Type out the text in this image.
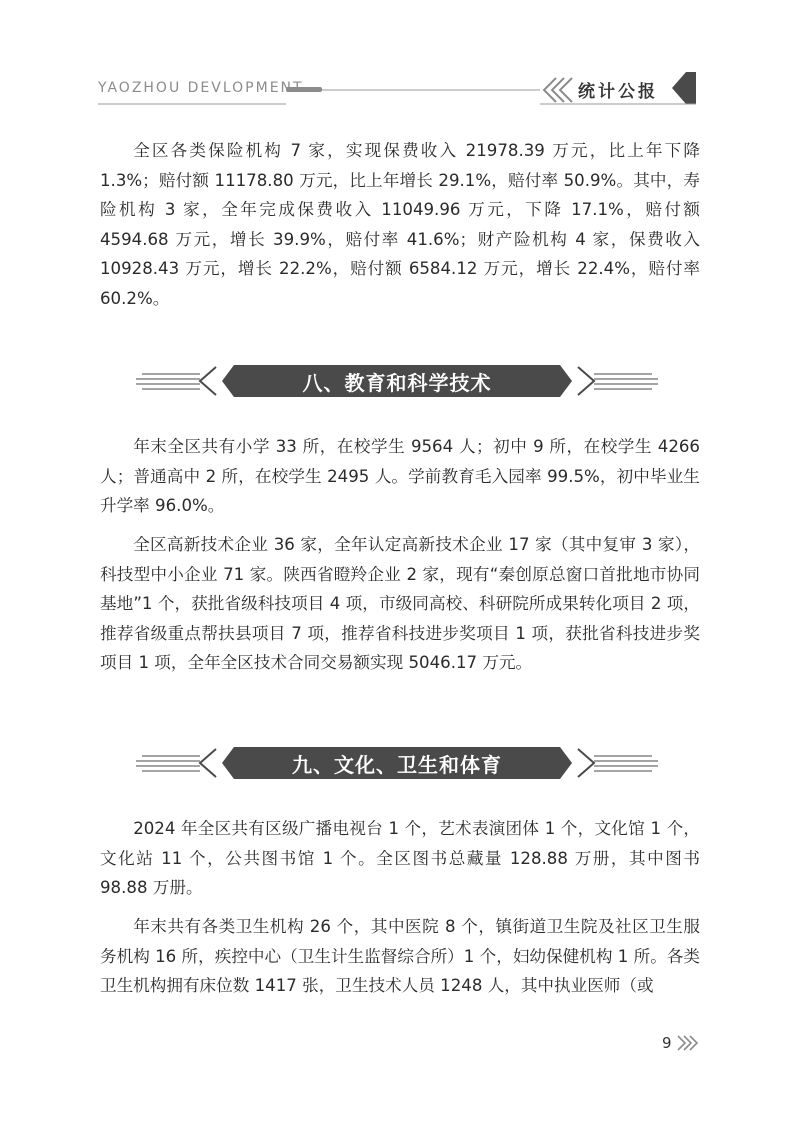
YAOZHOU DEVLOPMENT	统计公报

全区各类保险机构 7 家，实现保费收入 21978.39 万元，比上年下降 1.3%；赔付额 11178.80 万元，比上年增长 29.1%，赔付率 50.9%。其中，寿险机构 3 家，全年完成保费收入 11049.96 万元，下降 17.1%，赔付额 4594.68 万元，增长 39.9%，赔付率 41.6%；财产险机构 4 家，保费收入 10928.43 万元，增长 22.2%，赔付额 6584.12 万元，增长 22.4%，赔付率 60.2%。

八、教育和科学技术

年末全区共有小学 33 所，在校学生 9564 人；初中 9 所，在校学生 4266 人；普通高中 2 所，在校学生 2495 人。学前教育毛入园率 99.5%，初中毕业生升学率 96.0%。

全区高新技术企业 36 家，全年认定高新技术企业 17 家（其中复审 3 家），科技型中小企业 71 家。陕西省瞪羚企业 2 家，现有“秦创原总窗口首批地市协同基地”1 个，获批省级科技项目 4 项，市级同高校、科研院所成果转化项目 2 项，推荐省级重点帮扶县项目 7 项，推荐省科技进步奖项目 1 项，获批省科技进步奖项目 1 项，全年全区技术合同交易额实现 5046.17 万元。

九、文化、卫生和体育

2024 年全区共有区级广播电视台 1 个，艺术表演团体 1 个，文化馆 1 个，文化站 11 个，公共图书馆 1 个。全区图书总藏量 128.88 万册，其中图书 98.88 万册。

年末共有各类卫生机构 26 个，其中医院 8 个，镇街道卫生院及社区卫生服务机构 16 所，疾控中心（卫生计生监督综合所）1 个，妇幼保健机构 1 所。各类卫生机构拥有床位数 1417 张，卫生技术人员 1248 人，其中执业医师（或

9
